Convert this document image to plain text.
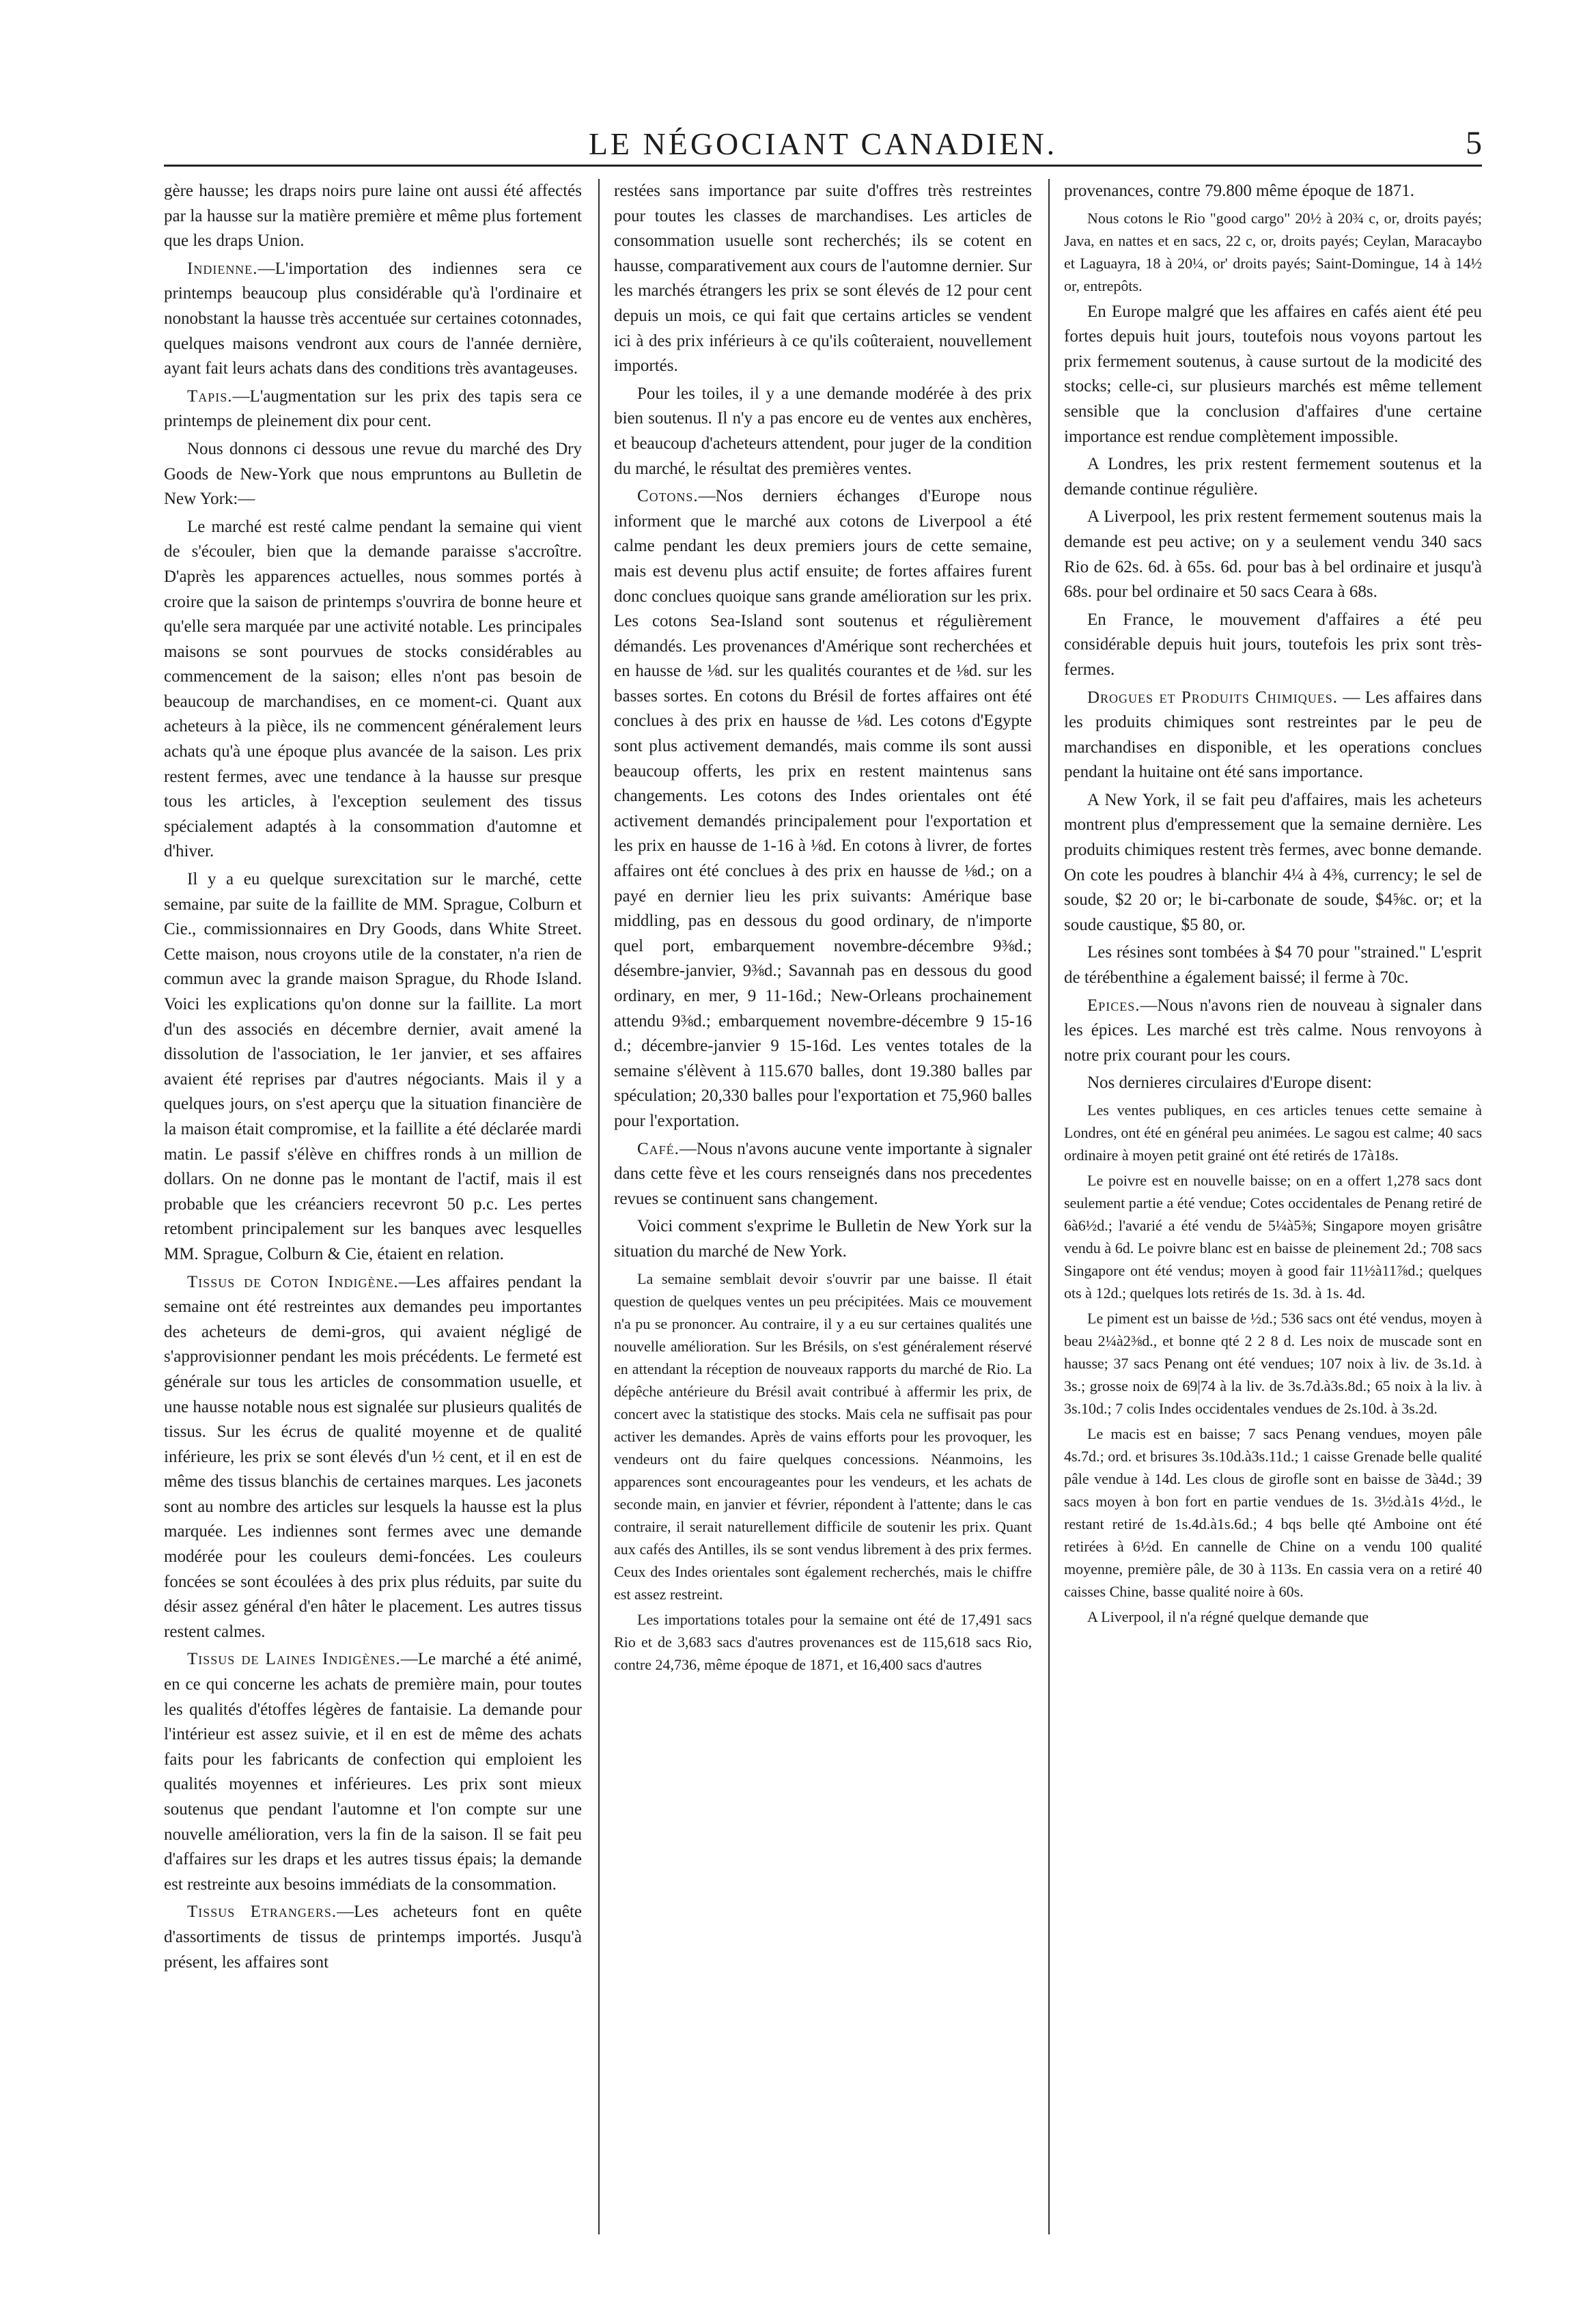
LE NÉGOCIANT CANADIEN.	5

gère hausse; les draps noirs pure laine ont aussi été affectés par la hausse sur la matière première et même plus fortement que les draps Union.

Indienne.—L'importation des indiennes sera ce printemps beaucoup plus considérable qu'à l'ordinaire et nonobstant la hausse très accentuée sur certaines cotonnades, quelques maisons vendront aux cours de l'année dernière, ayant fait leurs achats dans des conditions très avantageuses.

Tapis.—L'augmentation sur les prix des tapis sera ce printemps de pleinement dix pour cent.

Nous donnons ci dessous une revue du marché des Dry Goods de New-York que nous empruntons au Bulletin de New York:—

Le marché est resté calme pendant la semaine qui vient de s'écouler, bien que la demande paraisse s'accroître. D'après les apparences actuelles, nous sommes portés à croire que la saison de printemps s'ouvrira de bonne heure et qu'elle sera marquée par une activité notable. Les principales maisons se sont pourvues de stocks considérables au commencement de la saison; elles n'ont pas besoin de beaucoup de marchandises, en ce moment-ci. Quant aux acheteurs à la pièce, ils ne commencent généralement leurs achats qu'à une époque plus avancée de la saison. Les prix restent fermes, avec une tendance à la hausse sur presque tous les articles, à l'exception seulement des tissus spécialement adaptés à la consommation d'automne et d'hiver.

Il y a eu quelque surexcitation sur le marché, cette semaine, par suite de la faillite de MM. Sprague, Colburn et Cie., commissionnaires en Dry Goods, dans White Street. Cette maison, nous croyons utile de la constater, n'a rien de commun avec la grande maison Sprague, du Rhode Island. Voici les explications qu'on donne sur la faillite. La mort d'un des associés en décembre dernier, avait amené la dissolution de l'association, le 1er janvier, et ses affaires avaient été reprises par d'autres négociants. Mais il y a quelques jours, on s'est aperçu que la situation financière de la maison était compromise, et la faillite a été déclarée mardi matin. Le passif s'élève en chiffres ronds à un million de dollars. On ne donne pas le montant de l'actif, mais il est probable que les créanciers recevront 50 p.c. Les pertes retombent principalement sur les banques avec lesquelles MM. Sprague, Colburn & Cie, étaient en relation.

Tissus de Coton Indigène.—Les affaires pendant la semaine ont été restreintes aux demandes peu importantes des acheteurs de demi-gros, qui avaient négligé de s'approvisionner pendant les mois précédents. Le fermeté est générale sur tous les articles de consommation usuelle, et une hausse notable nous est signalée sur plusieurs qualités de tissus. Sur les écrus de qualité moyenne et de qualité inférieure, les prix se sont élevés d'un ½ cent, et il en est de même des tissus blanchis de certaines marques. Les jaconets sont au nombre des articles sur lesquels la hausse est la plus marquée. Les indiennes sont fermes avec une demande modérée pour les couleurs demi-foncées. Les couleurs foncées se sont écoulées à des prix plus réduits, par suite du désir assez général d'en hâter le placement. Les autres tissus restent calmes.

Tissus de Laines Indigènes.—Le marché a été animé, en ce qui concerne les achats de première main, pour toutes les qualités d'étoffes légères de fantaisie. La demande pour l'intérieur est assez suivie, et il en est de même des achats faits pour les fabricants de confection qui emploient les qualités moyennes et inférieures. Les prix sont mieux soutenus que pendant l'automne et l'on compte sur une nouvelle amélioration, vers la fin de la saison. Il se fait peu d'affaires sur les draps et les autres tissus épais; la demande est restreinte aux besoins immédiats de la consommation.

Tissus Etrangers.—Les acheteurs font en quête d'assortiments de tissus de printemps importés. Jusqu'à présent, les affaires sont

restées sans importance par suite d'offres très restreintes pour toutes les classes de marchandises. Les articles de consommation usuelle sont recherchés; ils se cotent en hausse, comparativement aux cours de l'automne dernier. Sur les marchés étrangers les prix se sont élevés de 12 pour cent depuis un mois, ce qui fait que certains articles se vendent ici à des prix inférieurs à ce qu'ils coûteraient, nouvellement importés.

Pour les toiles, il y a une demande modérée à des prix bien soutenus. Il n'y a pas encore eu de ventes aux enchères, et beaucoup d'acheteurs attendent, pour juger de la condition du marché, le résultat des premières ventes.

Cotons.—Nos derniers échanges d'Europe nous informent que le marché aux cotons de Liverpool a été calme pendant les deux premiers jours de cette semaine, mais est devenu plus actif ensuite; de fortes affaires furent donc conclues quoique sans grande amélioration sur les prix. Les cotons Sea-Island sont soutenus et régulièrement démandés. Les provenances d'Amérique sont recherchées et en hausse de ⅛d. sur les qualités courantes et de ⅛d. sur les basses sortes. En cotons du Brésil de fortes affaires ont été conclues à des prix en hausse de ⅛d. Les cotons d'Egypte sont plus activement demandés, mais comme ils sont aussi beaucoup offerts, les prix en restent maintenus sans changements. Les cotons des Indes orientales ont été activement demandés principalement pour l'exportation et les prix en hausse de 1-16 à ⅛d. En cotons à livrer, de fortes affaires ont été conclues à des prix en hausse de ⅛d.; on a payé en dernier lieu les prix suivants: Amérique base middling, pas en dessous du good ordinary, de n'importe quel port, embarquement novembre-décembre 9⅜d.; désembre-janvier, 9⅜d.; Savannah pas en dessous du good ordinary, en mer, 9 11-16d.; New-Orleans prochainement attendu 9⅜d.; embarquement novembre-décembre 9 15-16 d.; décembre-janvier 9 15-16d. Les ventes totales de la semaine s'élèvent à 115.670 balles, dont 19.380 balles par spéculation; 20,330 balles pour l'exportation et 75,960 balles pour l'exportation.

Café.—Nous n'avons aucune vente importante à signaler dans cette fève et les cours renseignés dans nos precedentes revues se continuent sans changement.

Voici comment s'exprime le Bulletin de New York sur la situation du marché de New York.

La semaine semblait devoir s'ouvrir par une baisse. Il était question de quelques ventes un peu précipitées. Mais ce mouvement n'a pu se prononcer. Au contraire, il y a eu sur certaines qualités une nouvelle amélioration. Sur les Brésils, on s'est généralement réservé en attendant la réception de nouveaux rapports du marché de Rio. La dépêche antérieure du Brésil avait contribué à affermir les prix, de concert avec la statistique des stocks. Mais cela ne suffisait pas pour activer les demandes. Après de vains efforts pour les provoquer, les vendeurs ont du faire quelques concessions. Néanmoins, les apparences sont encourageantes pour les vendeurs, et les achats de seconde main, en janvier et février, répondent à l'attente; dans le cas contraire, il serait naturellement difficile de soutenir les prix. Quant aux cafés des Antilles, ils se sont vendus librement à des prix fermes. Ceux des Indes orientales sont également recherchés, mais le chiffre est assez restreint.

Les importations totales pour la semaine ont été de 17,491 sacs Rio et de 3,683 sacs d'autres provenances est de 115,618 sacs Rio, contre 24,736, même époque de 1871, et 16,400 sacs d'autres

provenances, contre 79.800 même époque de 1871.

Nous cotons le Rio "good cargo" 20½ à 20¾ c, or, droits payés; Java, en nattes et en sacs, 22 c, or, droits payés; Ceylan, Maracaybo et Laguayra, 18 à 20¼, or' droits payés; Saint-Domingue, 14 à 14½ or, entrepôts.

En Europe malgré que les affaires en cafés aient été peu fortes depuis huit jours, toutefois nous voyons partout les prix fermement soutenus, à cause surtout de la modicité des stocks; celle-ci, sur plusieurs marchés est même tellement sensible que la conclusion d'affaires d'une certaine importance est rendue complètement impossible.

A Londres, les prix restent fermement soutenus et la demande continue régulière.

A Liverpool, les prix restent fermement soutenus mais la demande est peu active; on y a seulement vendu 340 sacs Rio de 62s. 6d. à 65s. 6d. pour bas à bel ordinaire et jusqu'à 68s. pour bel ordinaire et 50 sacs Ceara à 68s.

En France, le mouvement d'affaires a été peu considérable depuis huit jours, toutefois les prix sont très-fermes.

Drogues et Produits Chimiques. — Les affaires dans les produits chimiques sont restreintes par le peu de marchandises en disponible, et les operations conclues pendant la huitaine ont été sans importance.

A New York, il se fait peu d'affaires, mais les acheteurs montrent plus d'empressement que la semaine dernière. Les produits chimiques restent très fermes, avec bonne demande. On cote les poudres à blanchir 4¼ à 4⅜, currency; le sel de soude, $2 20 or; le bi-carbonate de soude, $4⅝c. or; et la soude caustique, $5 80, or.

Les résines sont tombées à $4 70 pour "strained." L'esprit de térébenthine a également baissé; il ferme à 70c.

Epices.—Nous n'avons rien de nouveau à signaler dans les épices. Les marché est très calme. Nous renvoyons à notre prix courant pour les cours.

Nos dernieres circulaires d'Europe disent:

Les ventes publiques, en ces articles tenues cette semaine à Londres, ont été en général peu animées. Le sagou est calme; 40 sacs ordinaire à moyen petit grainé ont été retirés de 17à18s.

Le poivre est en nouvelle baisse; on en a offert 1,278 sacs dont seulement partie a été vendue; Cotes occidentales de Penang retiré de 6à6½d.; l'avarié a été vendu de 5¼à5⅜; Singapore moyen grisâtre vendu à 6d. Le poivre blanc est en baisse de pleinement 2d.; 708 sacs Singapore ont été vendus; moyen à good fair 11½à11⅞d.; quelques ots à 12d.; quelques lots retirés de 1s. 3d. à 1s. 4d.

Le piment est un baisse de ½d.; 536 sacs ont été vendus, moyen à beau 2¼à2⅜d., et bonne qté 2 2 8 d. Les noix de muscade sont en hausse; 37 sacs Penang ont été vendues; 107 noix à liv. de 3s.1d. à 3s.; grosse noix de 69|74 à la liv. de 3s.7d.à3s.8d.; 65 noix à la liv. à 3s.10d.; 7 colis Indes occidentales vendues de 2s.10d. à 3s.2d.

Le macis est en baisse; 7 sacs Penang vendues, moyen pâle 4s.7d.; ord. et brisures 3s.10d.à3s.11d.; 1 caisse Grenade belle qualité pâle vendue à 14d. Les clous de girofle sont en baisse de 3à4d.; 39 sacs moyen à bon fort en partie vendues de 1s. 3½d.à1s 4½d., le restant retiré de 1s.4d.à1s.6d.; 4 bqs belle qté Amboine ont été retirées à 6½d. En cannelle de Chine on a vendu 100 qualité moyenne, première pâle, de 30 à 113s. En cassia vera on a retiré 40 caisses Chine, basse qualité noire à 60s.

A Liverpool, il n'a régné quelque demande que
